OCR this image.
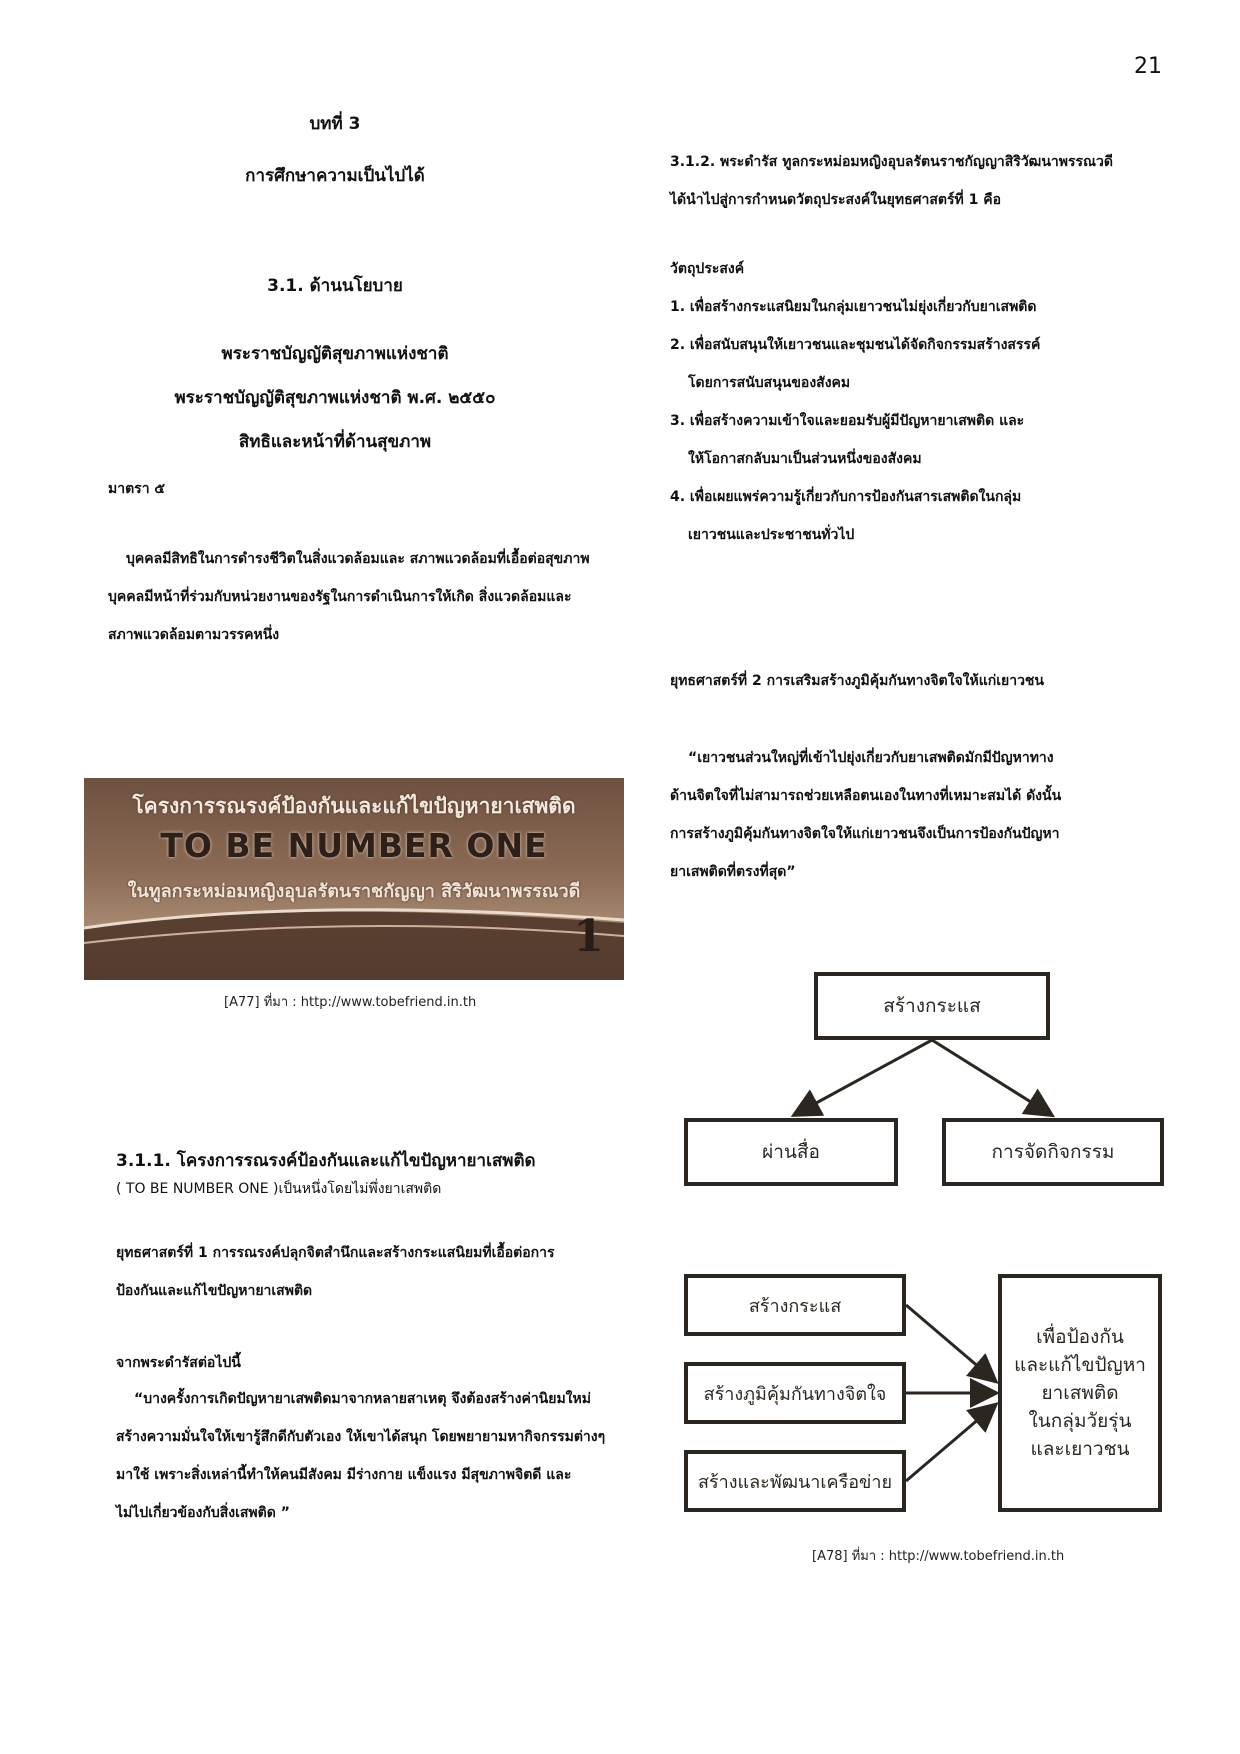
21
บทที่ 3
การศึกษาความเป็นไปได้
3.1. ด้านนโยบาย
พระราชบัญญัติสุขภาพแห่งชาติ
พระราชบัญญัติสุขภาพแห่งชาติ พ.ศ. ๒๕๕๐
สิทธิและหน้าที่ด้านสุขภาพ
มาตรา ๕
บุคคลมีสิทธิในการดำรงชีวิตในสิ่งแวดล้อมและ สภาพแวดล้อมที่เอื้อต่อสุขภาพ
บุคคลมีหน้าที่ร่วมกับหน่วยงานของรัฐในการดำเนินการให้เกิด สิ่งแวดล้อมและ
สภาพแวดล้อมตามวรรคหนึ่ง
โครงการรณรงค์ป้องกันและแก้ไขปัญหายาเสพติด
TO BE NUMBER ONE
ในทูลกระหม่อมหญิงอุบลรัตนราชกัญญา สิริวัฒนาพรรณวดี
1
[A77] ที่มา : http://www.tobefriend.in.th
3.1.1. โครงการรณรงค์ป้องกันและแก้ไขปัญหายาเสพติด
( TO BE NUMBER ONE )เป็นหนึ่งโดยไม่พึ่งยาเสพติด
ยุทธศาสตร์ที่ 1 การรณรงค์ปลุกจิตสำนึกและสร้างกระแสนิยมที่เอื้อต่อการ
ป้องกันและแก้ไขปัญหายาเสพติด
จากพระดำรัสต่อไปนี้
“บางครั้งการเกิดปัญหายาเสพติดมาจากหลายสาเหตุ จึงต้องสร้างค่านิยมใหม่
สร้างความมั่นใจให้เขารู้สึกดีกับตัวเอง ให้เขาได้สนุก โดยพยายามหากิจกรรมต่างๆ
มาใช้ เพราะสิ่งเหล่านี้ทำให้คนมีสังคม มีร่างกาย แข็งแรง มีสุขภาพจิตดี และ
ไม่ไปเกี่ยวข้องกับสิ่งเสพติด ”
3.1.2. พระดำรัส ทูลกระหม่อมหญิงอุบลรัตนราชกัญญาสิริวัฒนาพรรณวดี
ได้นำไปสู่การกำหนดวัตถุประสงค์ในยุทธศาสตร์ที่ 1 คือ
วัตถุประสงค์
1. เพื่อสร้างกระแสนิยมในกลุ่มเยาวชนไม่ยุ่งเกี่ยวกับยาเสพติด
2. เพื่อสนับสนุนให้เยาวชนและชุมชนได้จัดกิจกรรมสร้างสรรค์
โดยการสนับสนุนของสังคม
3. เพื่อสร้างความเข้าใจและยอมรับผู้มีปัญหายาเสพติด และ
ให้โอกาสกลับมาเป็นส่วนหนึ่งของสังคม
4. เพื่อเผยแพร่ความรู้เกี่ยวกับการป้องกันสารเสพติดในกลุ่ม
เยาวชนและประชาชนทั่วไป
ยุทธศาสตร์ที่ 2 การเสริมสร้างภูมิคุ้มกันทางจิตใจให้แก่เยาวชน
“เยาวชนส่วนใหญ่ที่เข้าไปยุ่งเกี่ยวกับยาเสพติดมักมีปัญหาทาง
ด้านจิตใจที่ไม่สามารถช่วยเหลือตนเองในทางที่เหมาะสมได้ ดังนั้น
การสร้างภูมิคุ้มกันทางจิตใจให้แก่เยาวชนจึงเป็นการป้องกันปัญหา
ยาเสพติดที่ตรงที่สุด”
สร้างกระแส
ผ่านสื่อ	การจัดกิจกรรม
สร้างกระแส
สร้างภูมิคุ้มกันทางจิตใจ
สร้างและพัฒนาเครือข่าย
เพื่อป้องกัน
และแก้ไขปัญหา
ยาเสพติด
ในกลุ่มวัยรุ่น
และเยาวชน
[A78] ที่มา : http://www.tobefriend.in.th
